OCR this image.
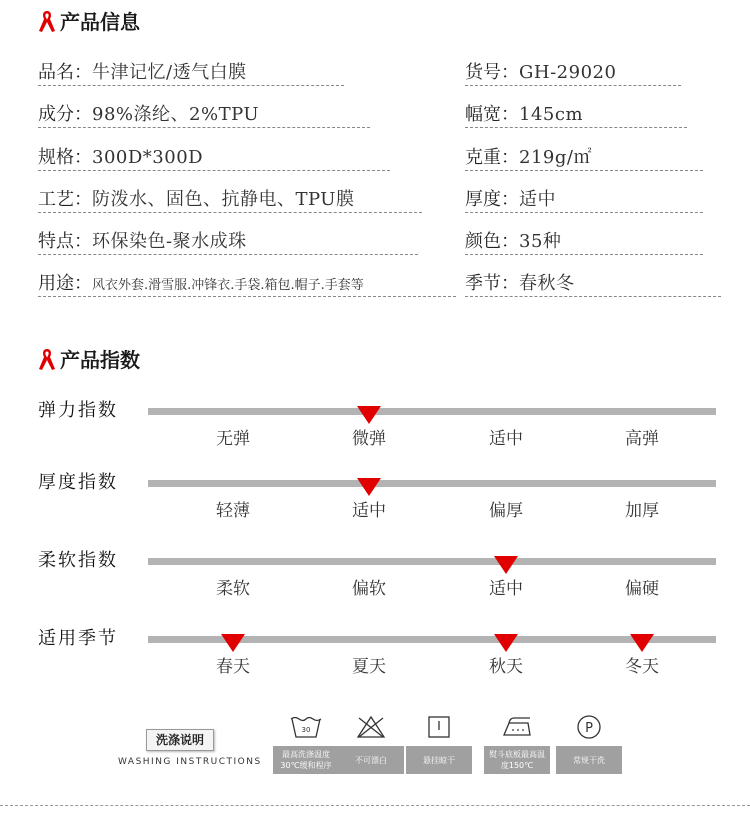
产品信息
品名：牛津记忆/透气白膜	货号：GH-29020
成分：98%涤纶、2%TPU	幅宽：145cm
规格：300D*300D	克重：219g/㎡
工艺：防泼水、固色、抗静电、TPU膜	厚度：适中
特点：环保染色-聚水成珠	颜色：35种
用途：风衣外套.滑雪服.冲锋衣.手袋.箱包.帽子.手套等	季节：春秋冬
产品指数
弹力指数
无弹	微弹	适中	高弹
厚度指数
轻薄	适中	偏厚	加厚
柔软指数
柔软	偏软	适中	偏硬
适用季节
春天	夏天	秋天	冬天
洗涤说明
WASHING INSTRUCTIONS
30
最高洗涤温度30℃缓和程序
不可漂白	悬挂晾干
熨斗底板最高温度150℃
P
常规干洗
